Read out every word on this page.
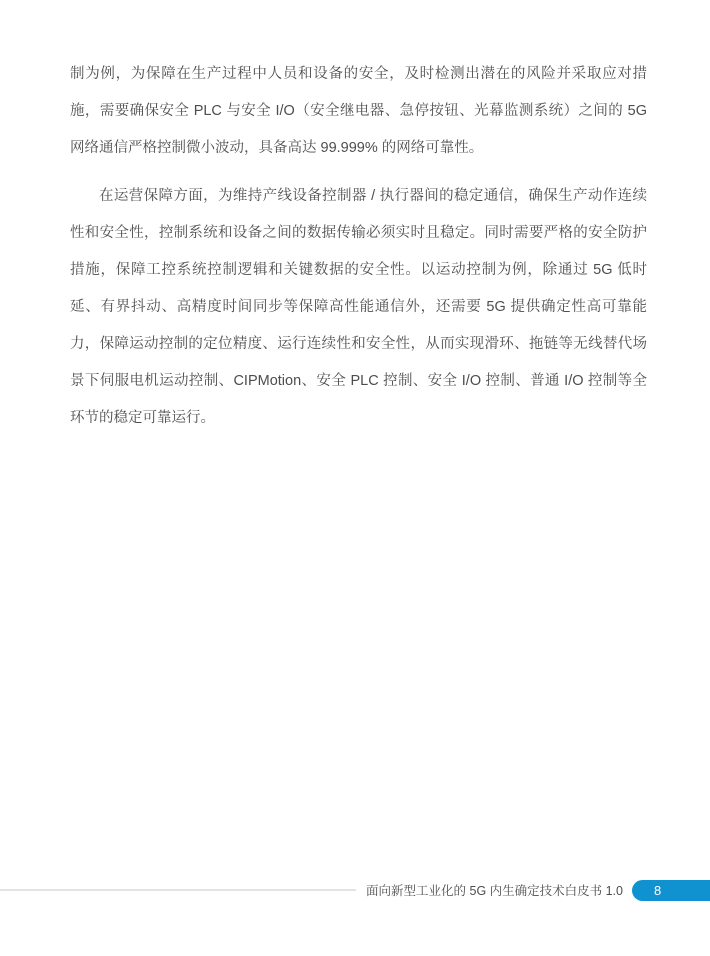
制为例，为保障在生产过程中人员和设备的安全，及时检测出潜在的风险并采取应对措施，需要确保安全 PLC 与安全 I/O（安全继电器、急停按钮、光幕监测系统）之间的 5G 网络通信严格控制微小波动，具备高达 99.999% 的网络可靠性。

在运营保障方面，为维持产线设备控制器 / 执行器间的稳定通信，确保生产动作连续性和安全性，控制系统和设备之间的数据传输必须实时且稳定。同时需要严格的安全防护措施，保障工控系统控制逻辑和关键数据的安全性。以运动控制为例，除通过 5G 低时延、有界抖动、高精度时间同步等保障高性能通信外，还需要 5G 提供确定性高可靠能力，保障运动控制的定位精度、运行连续性和安全性，从而实现滑环、拖链等无线替代场景下伺服电机运动控制、CIPMotion、安全 PLC 控制、安全 I/O 控制、普通 I/O 控制等全环节的稳定可靠运行。

面向新型工业化的 5G 内生确定技术白皮书 1.0	8
